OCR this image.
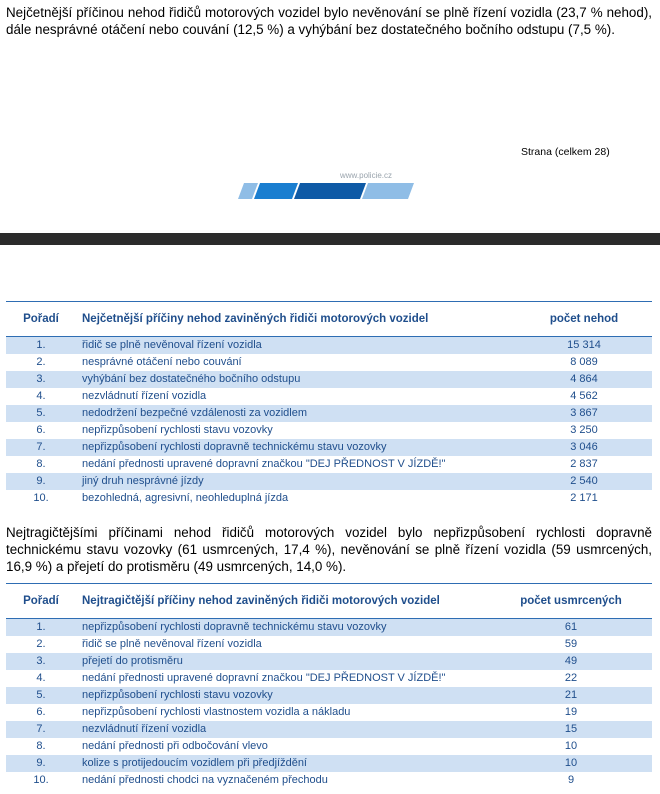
Nejčetnější příčinou nehod řidičů motorových vozidel bylo nevěnování se plně řízení vozidla (23,7 % nehod), dále nesprávné otáčení nebo couvání (12,5 %) a vyhýbání bez dostatečného bočního odstupu (7,5 %).

Strana (celkem 28)
www.policie.cz
Pořadí	Nejčetnější příčiny nehod zaviněných řidiči motorových vozidel	počet nehod
1.	řidič se plně nevěnoval řízení vozidla	15 314
2.	nesprávné otáčení nebo couvání	8 089
3.	vyhýbání bez dostatečného bočního odstupu	4 864
4.	nezvládnutí řízení vozidla	4 562
5.	nedodržení bezpečné vzdálenosti za vozidlem	3 867
6.	nepřizpůsobení rychlosti stavu vozovky	3 250
7.	nepřizpůsobení rychlosti dopravně technickému stavu vozovky	3 046
8.	nedání přednosti upravené dopravní značkou "DEJ PŘEDNOST V JÍZDĚ!"	2 837
9.	jiný druh nesprávné jízdy	2 540
10.	bezohledná, agresivní, neohleduplná jízda	2 171

Nejtragičtějšími příčinami nehod řidičů motorových vozidel bylo nepřizpůsobení rychlosti dopravně technickému stavu vozovky (61 usmrcených, 17,4 %), nevěnování se plně řízení vozidla (59 usmrcených, 16,9 %) a přejetí do protisměru (49 usmrcených, 14,0 %).

Pořadí	Nejtragičtější příčiny nehod zaviněných řidiči motorových vozidel	počet usmrcených
1.	nepřizpůsobení rychlosti dopravně technickému stavu vozovky	61
2.	řidič se plně nevěnoval řízení vozidla	59
3.	přejetí do protisměru	49
4.	nedání přednosti upravené dopravní značkou "DEJ PŘEDNOST V JÍZDĚ!"	22
5.	nepřizpůsobení rychlosti stavu vozovky	21
6.	nepřizpůsobení rychlosti vlastnostem vozidla a nákladu	19
7.	nezvládnutí řízení vozidla	15
8.	nedání přednosti při odbočování vlevo	10
9.	kolize s protijedoucím vozidlem při předjíždění	10
10.	nedání přednosti chodci na vyznačeném přechodu	9
